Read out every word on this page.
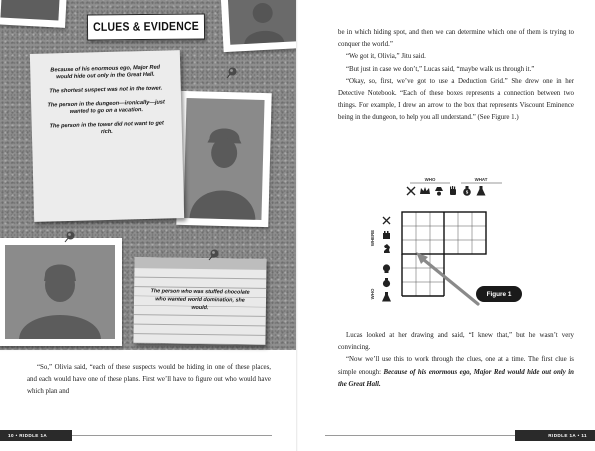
CLUES & EVIDENCE

Because of his enormous ego, Major Red would hide out only in the Great Hall.

The shortest suspect was not in the tower.

The person in the dungeon—ironically—just wanted to go on a vacation.

The person in the tower did not want to get rich.

The person who was stuffed chocolate who wanted world domination, she would.

“So,” Olivia said, “each of these suspects would be hiding in one of these places, and each would have one of these plans. First we’ll have to figure out who would have which plan and

10 • RIDDLE 1A

be in which hiding spot, and then we can determine which one of them is trying to conquer the world.”

“We got it, Olivia,” Jitu said.

“But just in case we don’t,” Lucas said, “maybe walk us through it.”

“Okay, so, first, we’ve got to use a Deduction Grid.” She drew one in her Detective Notebook. “Each of these boxes represents a connection between two things. For example, I drew an arrow to the box that represents Viscount Eminence being in the dungeon, to help you all understand.” (See Figure 1.)

WHO	WHAT
WHERE
WHO
$
Figure 1

Lucas looked at her drawing and said, “I knew that,” but he wasn’t very convincing.

“Now we’ll use this to work through the clues, one at a time. The first clue is simple enough: Because of his enormous ego, Major Red would hide out only in the Great Hall.

RIDDLE 1A • 11
